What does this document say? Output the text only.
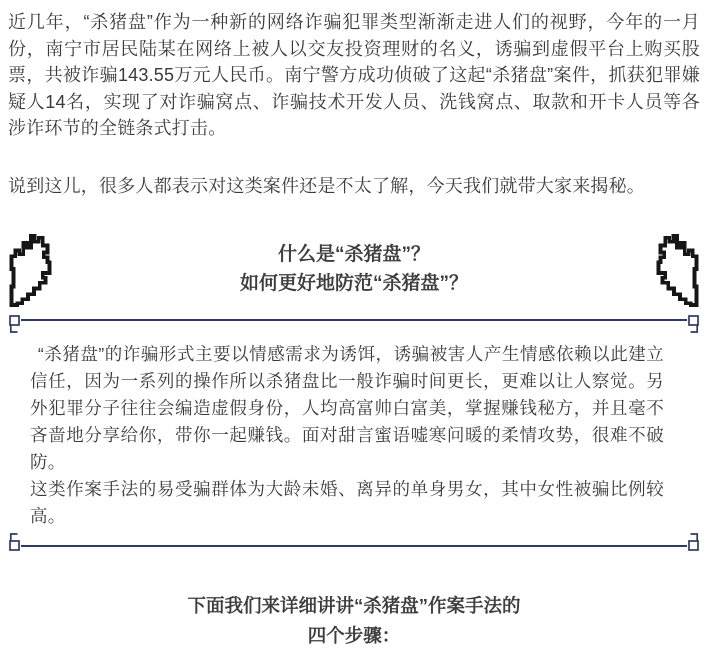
近几年，“杀猪盘”作为一种新的网络诈骗犯罪类型渐渐走进人们的视野，今年的一月份，南宁市居民陆某在网络上被人以交友投资理财的名义，诱骗到虚假平台上购买股票，共被诈骗143.55万元人民币。南宁警方成功侦破了这起“杀猪盘”案件，抓获犯罪嫌疑人14名，实现了对诈骗窝点、诈骗技术开发人员、洗钱窝点、取款和开卡人员等各涉诈环节的全链条式打击。

说到这儿，很多人都表示对这类案件还是不太了解，今天我们就带大家来揭秘。

什么是“杀猪盘”？
如何更好地防范“杀猪盘”？

“杀猪盘”的诈骗形式主要以情感需求为诱饵，诱骗被害人产生情感依赖以此建立信任，因为一系列的操作所以杀猪盘比一般诈骗时间更长，更难以让人察觉。另外犯罪分子往往会编造虚假身份，人均高富帅白富美，掌握赚钱秘方，并且毫不吝啬地分享给你，带你一起赚钱。面对甜言蜜语嘘寒问暖的柔情攻势，很难不破防。

这类作案手法的易受骗群体为大龄未婚、离异的单身男女，其中女性被骗比例较高。

下面我们来详细讲讲“杀猪盘”作案手法的
四个步骤：
